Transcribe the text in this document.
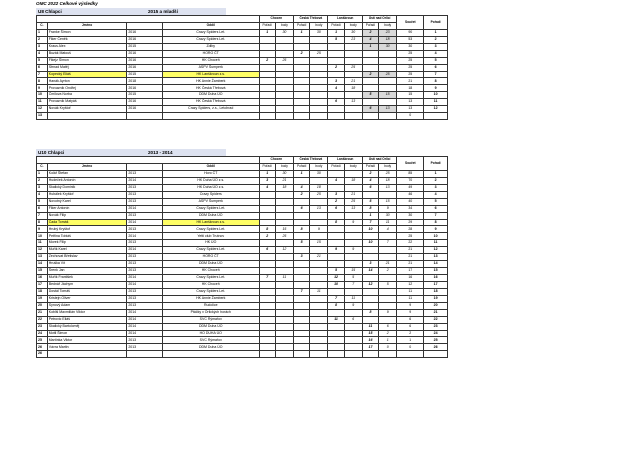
OMC 2022 Celkové výsledky
U8 Chlapci	2015 a mladší
				Chocen		Česká Třebová		Lanškroun		Ústí nad Orlicí		Součet	Pořadí
C.	Jméno		Oddíl	Pořadí	body	Pořadí	body	Pořadí	body	Pořadí	body		
1	Franke Šimon	2016	Crazy Spiders Let.	1	30	1	30	1	30	2	23	90	1
2	Fiker Čeněk	2016	Crazy Spiders Let.					5	23	4	18	53	2
3	Kraus Alex	2015	Zdiby							1	30	30	3
4	Buzák Matouš	2016	HORO ČT			2	25					25	4
5	Fikejz Šimon	2016	HK Choceň	2	25							25	5
6	Strnad Matěj	2016	ASPV Šumperk					2	25			25	6
7	Kopecký Eliáš	2015	HK Lanškroun z.s.							2	25	25	7
8	Hanák Ayrton	2018	HK Annie Žamberk					3	21			21	8
9	Provazník Ondřej	2016	HK Česká Třebová					4	18			18	9
10	Čmilova Norba	2015	DDM Duha ÚO							5	15	15	10
11	Provazník Matyáš	2016	HK Česká Třebová					6	13			13	11
12	Novák Kryštof	2016	Crazy Spiders, z.s., Letohrad							6	13	13	12
13												0	
U10 Chlapci	2013 - 2014
				Chocen		Česká Třebová		Lanškroun		Ústí nad Orlicí		Součet	Pořadí
C.	Jméno		Oddíl	Pořadí	body	Pořadí	body	Pořadí	body	Pořadí	body		
1	Kolář Štefan	2013	Horo ČT	1	30	1	30			2	25	85	1
2	Hudeček Antonín	2014	HK Duha ÚO z.s.	3	21			4	18	4	18	70	2
3	Skalický Dominik	2013	HK Duha ÚO z.s.	4	18	4	18			6	13	49	3
4	Hubálek Kryštof	2013	Crazy Spiders			2	25	3	21			46	4
5	Novotný Karel	2013	ASPV Šumperk					2	25	5	15	40	5
6	Fiker Antonín	2014	Crazy Spiders Let.			6	13	6	13	8	9	34	6
7	Novák Filip	2013	DDM Duha ÚO							1	30	30	7
8	Čada Tomáš	2014	HK Lanškroun z.s.					8	9	7	11	29	8
9	Hrubý Kryštof	2013	Crazy Spiders Let.	8	15	8	9			10	4	28	9
10	Petřina Tobiáš	2014	Yetti club Trutnov	2	25							25	10
11	Morek Filip	2013	HK ÚO			5	15			10	7	22	11
12	Muřík Karel	2014	Crazy Spiders Let.	6	12			9	9			21	12
13	Zechovat Břetislav	2013	HORO ČT			3	21					21	13
14	Hruška Vít	2013	DDM Duha ÚO							3	21	21	14
15	Šrenk Jan	2013	HK Choceň					5	15	14	2	17	15
16	Muřík František	2014	Crazy Spiders Let.	7	11			12	5			16	16
17	Bednář Jáchym	2014	HK Choceň					10	7	12	5	12	17
18	Dostál Tomáš	2013	Crazy Spiders Let.			7	11					11	18
19	Kristejn Oliver	2013	HK Annie Žamberk					7	11			11	19
20	Synový Adam	2013	Rudolice					8	9			9	20
21	Kobliš Maxmilián Viktor	2014	Ptáčky v Orlických horách							8	9	9	21
22	Petrovic Eliáš	2014	SVC Rýmařov					11	6			6	22
23	Skalický Bartoloměj	2014	DDM Duha ÚO							11	6	6	23
24	Mottl Šimon	2014	HO DUHA ÚO							15	2	2	24
25	Martínka Viktor	2013	SVC Rýmařov							16	1	1	25
26	Vávra Martin	2013	DDM Duha ÚO							17	0	0	26
26													
